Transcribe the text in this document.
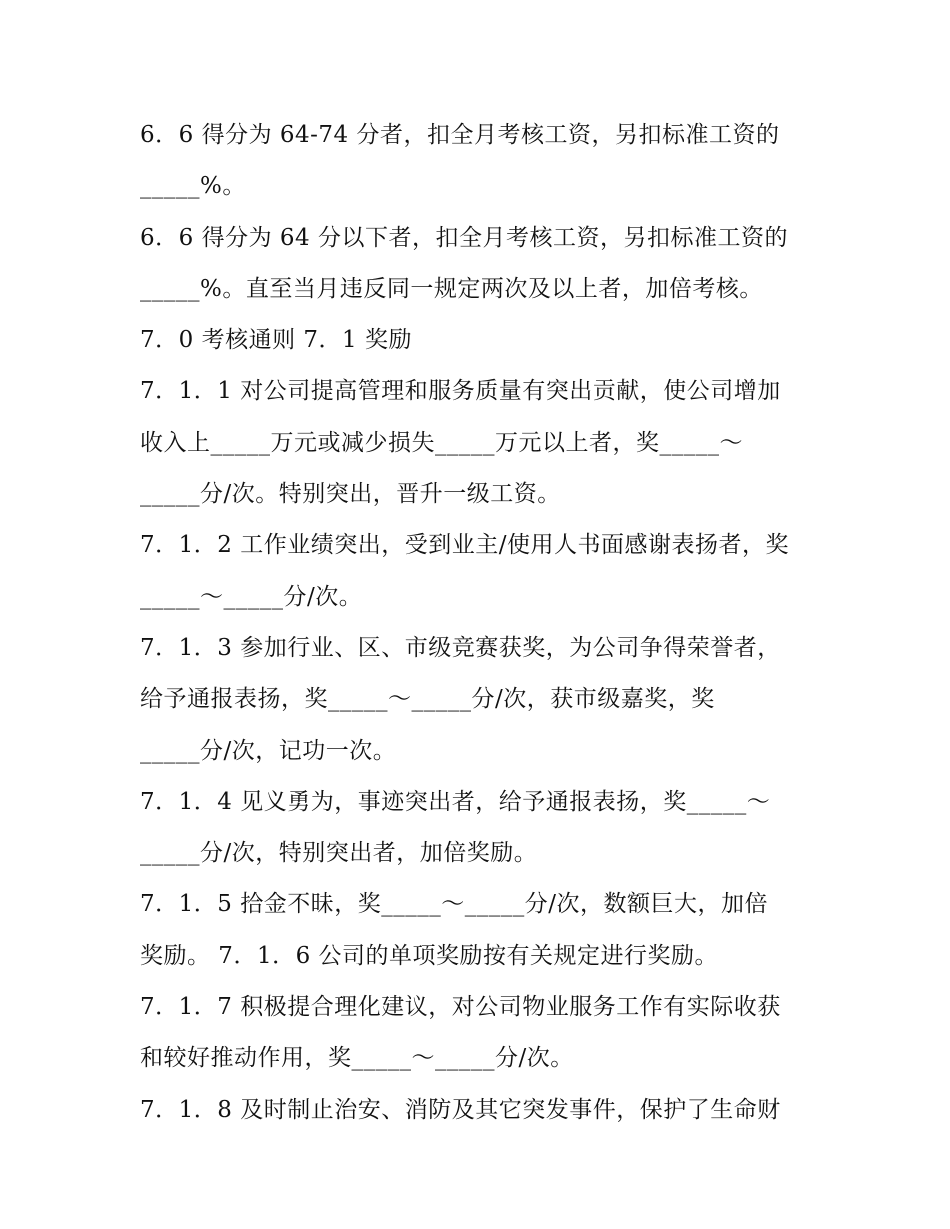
6．6 得分为 64-74 分者，扣全月考核工资，另扣标准工资的
_____%。
6．6 得分为 64 分以下者，扣全月考核工资，另扣标准工资的
_____%。直至当月违反同一规定两次及以上者，加倍考核。
7．0 考核通则 7．1 奖励
7．1．1 对公司提高管理和服务质量有突出贡献，使公司增加
收入上_____万元或减少损失_____万元以上者，奖_____～
_____分/次。特别突出，晋升一级工资。
7．1．2 工作业绩突出，受到业主/使用人书面感谢表扬者，奖
_____～_____分/次。
7．1．3 参加行业、区、市级竞赛获奖，为公司争得荣誉者，
给予通报表扬，奖_____～_____分/次，获市级嘉奖，奖
_____分/次，记功一次。
7．1．4 见义勇为，事迹突出者，给予通报表扬，奖_____～
_____分/次，特别突出者，加倍奖励。
7．1．5 拾金不昧，奖_____～_____分/次，数额巨大，加倍
奖励。 7．1．6 公司的单项奖励按有关规定进行奖励。
7．1．7 积极提合理化建议，对公司物业服务工作有实际收获
和较好推动作用，奖_____～_____分/次。
7．1．8 及时制止治安、消防及其它突发事件，保护了生命财
